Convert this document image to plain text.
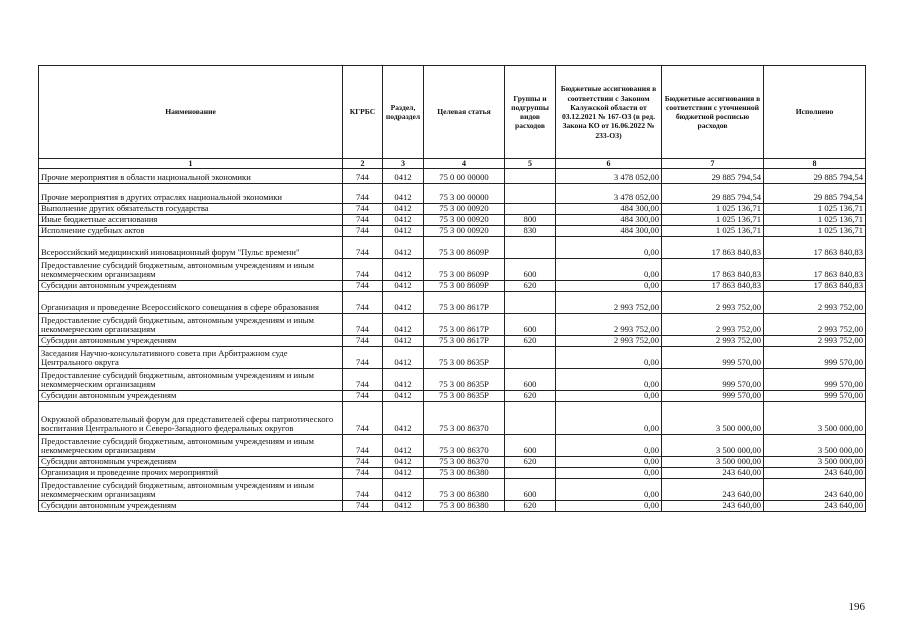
Наименование	КГРБС	Раздел, подраздел	Целевая статья	Группы и подгруппы видов расходов	Бюджетные ассигнования в соответствии с Законом Калужской области от 03.12.2021 № 167-ОЗ (в ред. Закона КО от 16.06.2022 № 233-ОЗ)	Бюджетные ассигнования в соответствии с уточненной бюджетной росписью расходов	Исполнено
1	2	3	4	5	6	7	8
Прочие мероприятия в области национальной экономики	744	0412	75 0 00 00000		3 478 052,00	29 885 794,54	29 885 794,54
Прочие мероприятия в других отраслях национальной экономики	744	0412	75 3 00 00000		3 478 052,00	29 885 794,54	29 885 794,54
Выполнение других обязательств государства	744	0412	75 3 00 00920		484 300,00	1 025 136,71	1 025 136,71
Иные бюджетные ассигнования	744	0412	75 3 00 00920	800	484 300,00	1 025 136,71	1 025 136,71
Исполнение судебных актов	744	0412	75 3 00 00920	830	484 300,00	1 025 136,71	1 025 136,71
Всероссийский медицинский инновационный форум "Пульс времени"	744	0412	75 3 00 8609Р		0,00	17 863 840,83	17 863 840,83
Предоставление субсидий бюджетным, автономным учреждениям и иным некоммерческим организациям	744	0412	75 3 00 8609Р	600	0,00	17 863 840,83	17 863 840,83
Субсидии автономным учреждениям	744	0412	75 3 00 8609Р	620	0,00	17 863 840,83	17 863 840,83
Организация и проведение Всероссийского совещания в сфере образования	744	0412	75 3 00 8617Р		2 993 752,00	2 993 752,00	2 993 752,00
Предоставление субсидий бюджетным, автономным учреждениям и иным некоммерческим организациям	744	0412	75 3 00 8617Р	600	2 993 752,00	2 993 752,00	2 993 752,00
Субсидии автономным учреждениям	744	0412	75 3 00 8617Р	620	2 993 752,00	2 993 752,00	2 993 752,00
Заседания Научно-консультативного совета при Арбитражном суде Центрального округа	744	0412	75 3 00 8635Р		0,00	999 570,00	999 570,00
Предоставление субсидий бюджетным, автономным учреждениям и иным некоммерческим организациям	744	0412	75 3 00 8635Р	600	0,00	999 570,00	999 570,00
Субсидии автономным учреждениям	744	0412	75 3 00 8635Р	620	0,00	999 570,00	999 570,00
Окружной образовательный форум для представителей сферы патриотического воспитания Центрального и Северо-Западного федеральных округов	744	0412	75 3 00 86370		0,00	3 500 000,00	3 500 000,00
Предоставление субсидий бюджетным, автономным учреждениям и иным некоммерческим организациям	744	0412	75 3 00 86370	600	0,00	3 500 000,00	3 500 000,00
Субсидии автономным учреждениям	744	0412	75 3 00 86370	620	0,00	3 500 000,00	3 500 000,00
Организация и проведение прочих мероприятий	744	0412	75 3 00 86380		0,00	243 640,00	243 640,00
Предоставление субсидий бюджетным, автономным учреждениям и иным некоммерческим организациям	744	0412	75 3 00 86380	600	0,00	243 640,00	243 640,00
Субсидии автономным учреждениям	744	0412	75 3 00 86380	620	0,00	243 640,00	243 640,00
196
